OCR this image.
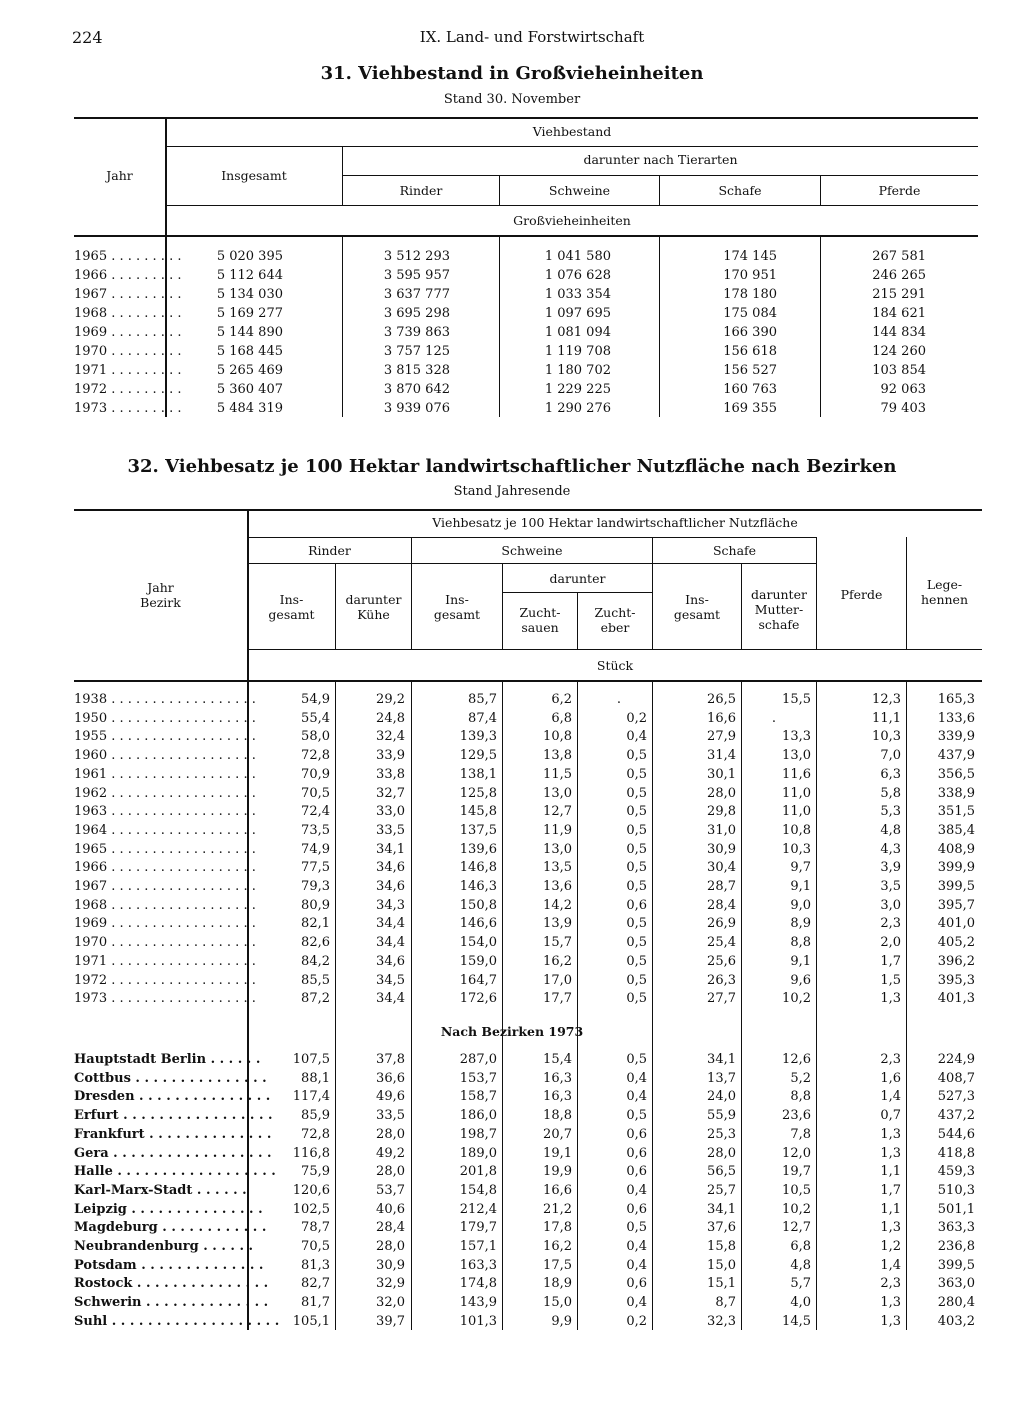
224	IX. Land- und Forstwirtschaft
31. Viehbestand in Großvieheinheiten
Stand 30. November
Jahr
Viehbestand
Insgesamt
darunter nach Tierarten
Rinder	Schweine	Schafe	Pferde
Großvieheinheiten
1965 . . . . . . . . .	5 020 395	3 512 293	1 041 580	174 145	267 581
1966 . . . . . . . . .	5 112 644	3 595 957	1 076 628	170 951	246 265
1967 . . . . . . . . .	5 134 030	3 637 777	1 033 354	178 180	215 291
1968 . . . . . . . . .	5 169 277	3 695 298	1 097 695	175 084	184 621
1969 . . . . . . . . .	5 144 890	3 739 863	1 081 094	166 390	144 834
1970 . . . . . . . . .	5 168 445	3 757 125	1 119 708	156 618	124 260
1971 . . . . . . . . .	5 265 469	3 815 328	1 180 702	156 527	103 854
1972 . . . . . . . . .	5 360 407	3 870 642	1 229 225	160 763	92 063
1973 . . . . . . . . .	5 484 319	3 939 076	1 290 276	169 355	79 403
32. Viehbesatz je 100 Hektar landwirtschaftlicher Nutzfläche nach Bezirken
Stand Jahresende
Jahr
Bezirk
Viehbesatz je 100 Hektar landwirtschaftlicher Nutzfläche
Rinder	Schweine	Schafe
Pferde
Lege-
hennen
Ins-
gesamt
darunter
Kühe
Ins-
gesamt
darunter
Zucht-
sauen
Zucht-
eber
Ins-
gesamt
darunter
Mutter-
schafe
Stück
1938 . . . . . . . . . . . . . . . . . .	54,9	29,2	85,7	6,2	.	26,5	15,5	12,3	165,3
1950 . . . . . . . . . . . . . . . . . .	55,4	24,8	87,4	6,8	0,2	16,6	.	11,1	133,6
1955 . . . . . . . . . . . . . . . . . .	58,0	32,4	139,3	10,8	0,4	27,9	13,3	10,3	339,9
1960 . . . . . . . . . . . . . . . . . .	72,8	33,9	129,5	13,8	0,5	31,4	13,0	7,0	437,9
1961 . . . . . . . . . . . . . . . . . .	70,9	33,8	138,1	11,5	0,5	30,1	11,6	6,3	356,5
1962 . . . . . . . . . . . . . . . . . .	70,5	32,7	125,8	13,0	0,5	28,0	11,0	5,8	338,9
1963 . . . . . . . . . . . . . . . . . .	72,4	33,0	145,8	12,7	0,5	29,8	11,0	5,3	351,5
1964 . . . . . . . . . . . . . . . . . .	73,5	33,5	137,5	11,9	0,5	31,0	10,8	4,8	385,4
1965 . . . . . . . . . . . . . . . . . .	74,9	34,1	139,6	13,0	0,5	30,9	10,3	4,3	408,9
1966 . . . . . . . . . . . . . . . . . .	77,5	34,6	146,8	13,5	0,5	30,4	9,7	3,9	399,9
1967 . . . . . . . . . . . . . . . . . .	79,3	34,6	146,3	13,6	0,5	28,7	9,1	3,5	399,5
1968 . . . . . . . . . . . . . . . . . .	80,9	34,3	150,8	14,2	0,6	28,4	9,0	3,0	395,7
1969 . . . . . . . . . . . . . . . . . .	82,1	34,4	146,6	13,9	0,5	26,9	8,9	2,3	401,0
1970 . . . . . . . . . . . . . . . . . .	82,6	34,4	154,0	15,7	0,5	25,4	8,8	2,0	405,2
1971 . . . . . . . . . . . . . . . . . .	84,2	34,6	159,0	16,2	0,5	25,6	9,1	1,7	396,2
1972 . . . . . . . . . . . . . . . . . .	85,5	34,5	164,7	17,0	0,5	26,3	9,6	1,5	395,3
1973 . . . . . . . . . . . . . . . . . .	87,2	34,4	172,6	17,7	0,5	27,7	10,2	1,3	401,3
Nach Bezirken 1973
Hauptstadt Berlin . . . . . .	107,5	37,8	287,0	15,4	0,5	34,1	12,6	2,3	224,9
Cottbus . . . . . . . . . . . . . . .	88,1	36,6	153,7	16,3	0,4	13,7	5,2	1,6	408,7
Dresden . . . . . . . . . . . . . . .	117,4	49,6	158,7	16,3	0,4	24,0	8,8	1,4	527,3
Erfurt . . . . . . . . . . . . . . . . .	85,9	33,5	186,0	18,8	0,5	55,9	23,6	0,7	437,2
Frankfurt . . . . . . . . . . . . . .	72,8	28,0	198,7	20,7	0,6	25,3	7,8	1,3	544,6
Gera . . . . . . . . . . . . . . . . . .	116,8	49,2	189,0	19,1	0,6	28,0	12,0	1,3	418,8
Halle . . . . . . . . . . . . . . . . . .	75,9	28,0	201,8	19,9	0,6	56,5	19,7	1,1	459,3
Karl-Marx-Stadt . . . . . .	120,6	53,7	154,8	16,6	0,4	25,7	10,5	1,7	510,3
Leipzig . . . . . . . . . . . . . . .	102,5	40,6	212,4	21,2	0,6	34,1	10,2	1,1	501,1
Magdeburg . . . . . . . . . . . .	78,7	28,4	179,7	17,8	0,5	37,6	12,7	1,3	363,3
Neubrandenburg . . . . . .	70,5	28,0	157,1	16,2	0,4	15,8	6,8	1,2	236,8
Potsdam . . . . . . . . . . . . . .	81,3	30,9	163,3	17,5	0,4	15,0	4,8	1,4	399,5
Rostock . . . . . . . . . . . . . . .	82,7	32,9	174,8	18,9	0,6	15,1	5,7	2,3	363,0
Schwerin . . . . . . . . . . . . . .	81,7	32,0	143,9	15,0	0,4	8,7	4,0	1,3	280,4
Suhl . . . . . . . . . . . . . . . . . . .	105,1	39,7	101,3	9,9	0,2	32,3	14,5	1,3	403,2
